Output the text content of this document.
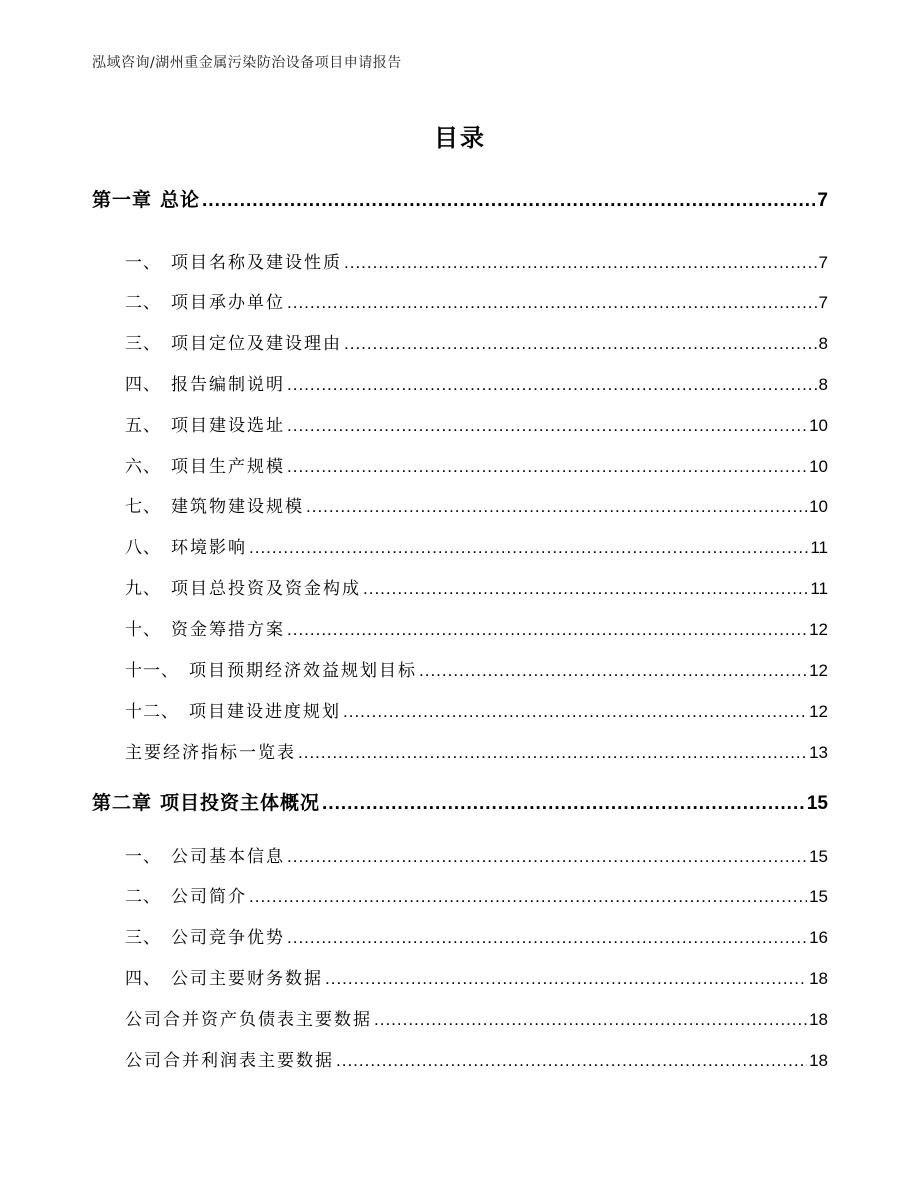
泓域咨询/湖州重金属污染防治设备项目申请报告
目录
第一章 总论 .....	7
一、 项目名称及建设性质 .....	7
二、 项目承办单位 .....	7
三、 项目定位及建设理由 .....	8
四、 报告编制说明 .....	8
五、 项目建设选址 .....	10
六、 项目生产规模 .....	10
七、 建筑物建设规模 .....	10
八、 环境影响 .....	11
九、 项目总投资及资金构成 .....	11
十、 资金筹措方案 .....	12
十一、 项目预期经济效益规划目标 .....	12
十二、 项目建设进度规划 .....	12
主要经济指标一览表 .....	13
第二章 项目投资主体概况 .....	15
一、 公司基本信息 .....	15
二、 公司简介 .....	15
三、 公司竞争优势 .....	16
四、 公司主要财务数据 .....	18
公司合并资产负债表主要数据 .....	18
公司合并利润表主要数据 .....	18
